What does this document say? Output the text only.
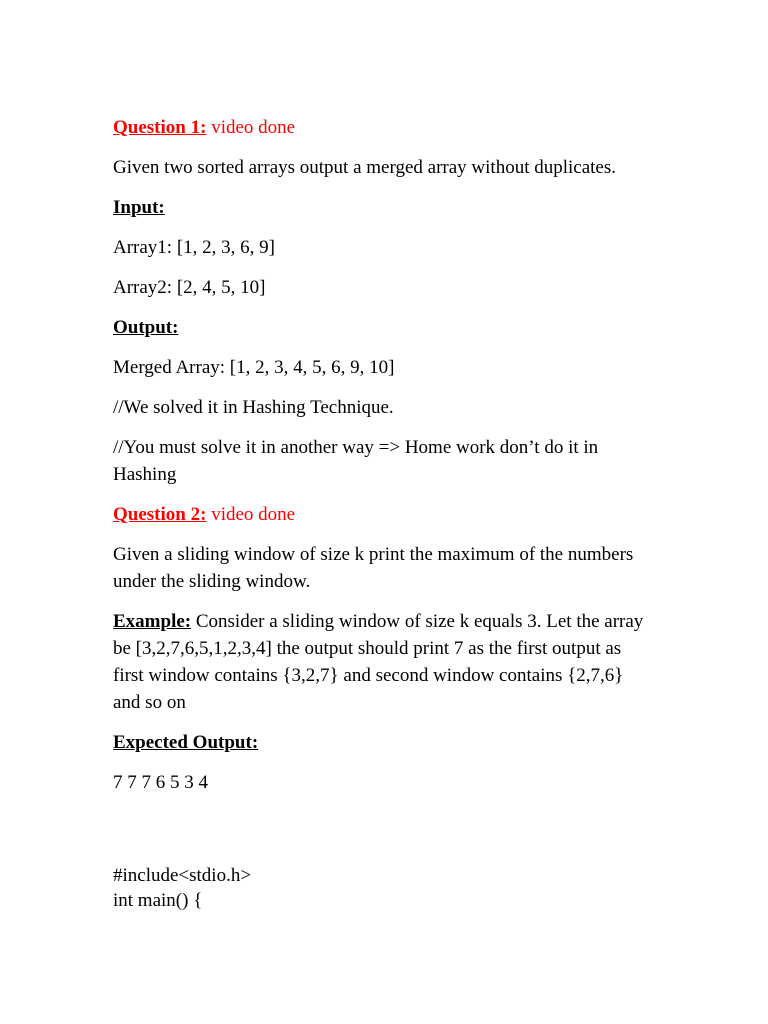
Question 1: video done

Given two sorted arrays output a merged array without duplicates.

Input:

Array1: [1, 2, 3, 6, 9]

Array2: [2, 4, 5, 10]

Output:

Merged Array: [1, 2, 3, 4, 5, 6, 9, 10]

//We solved it in Hashing Technique.

//You must solve it in another way => Home work don’t do it in Hashing

Question 2: video done

Given a sliding window of size k print the maximum of the numbers under the sliding window.

Example: Consider a sliding window of size k equals 3. Let the array be [3,2,7,6,5,1,2,3,4] the output should print 7 as the first output as first window contains {3,2,7} and second window contains {2,7,6} and so on

Expected Output:

7 7 7 6 5 3 4

#include<stdio.h>

int main() {
